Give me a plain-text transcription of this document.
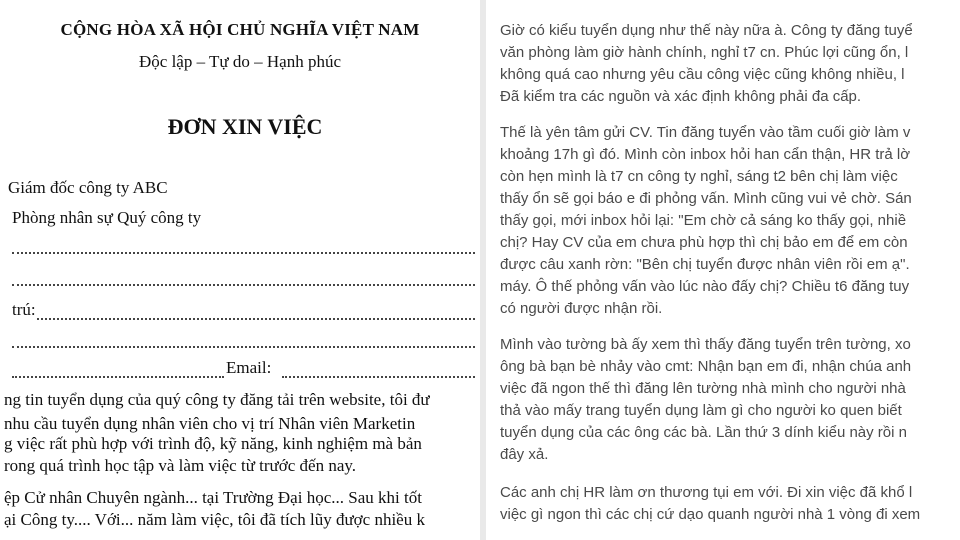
CỘNG HÒA XÃ HỘI CHỦ NGHĨA VIỆT NAM
Độc lập – Tự do – Hạnh phúc
ĐƠN XIN VIỆC
Giám đốc công ty ABC
Phòng nhân sự Quý công ty
trú:
Email:
ng tin tuyển dụng của quý công ty đăng tải trên website, tôi đư
nhu cầu tuyển dụng nhân viên cho vị trí Nhân viên Marketin
g việc rất phù hợp với trình độ, kỹ năng, kinh nghiệm mà bản
rong quá trình học tập và làm việc từ trước đến nay.
ệp Cử nhân Chuyên ngành... tại Trường Đại học... Sau khi tốt
ại Công ty.... Với... năm làm việc, tôi đã tích lũy được nhiều k
Giờ có kiểu tuyển dụng như thế này nữa à. Công ty đăng tuyể
văn phòng làm giờ hành chính, nghỉ t7 cn. Phúc lợi cũng ổn, l
không quá cao nhưng yêu cầu công việc cũng không nhiều, l
Đã kiểm tra các nguồn và xác định không phải đa cấp.
Thế là yên tâm gửi CV. Tin đăng tuyển vào tầm cuối giờ làm v
khoảng 17h gì đó. Mình còn inbox hỏi han cẩn thận, HR trả lờ
còn hẹn mình là t7 cn công ty nghỉ, sáng t2 bên chị làm việc
thấy ổn sẽ gọi báo e đi phỏng vấn. Mình cũng vui vẻ chờ. Sán
thấy gọi, mới inbox hỏi lại: "Em chờ cả sáng ko thấy gọi, nhiề
chị? Hay CV của em chưa phù hợp thì chị bảo em để em còn
được câu xanh rờn: "Bên chị tuyển được nhân viên rồi em ạ".
máy. Ô thế phỏng vấn vào lúc nào đấy chị? Chiều t6 đăng tuy
có người được nhận rồi.
Mình vào tường bà ấy xem thì thấy đăng tuyển trên tường, xo
ông bà bạn bè nhảy vào cmt: Nhận bạn em đi, nhận chúa anh
việc đã ngon thế thì đăng lên tường nhà mình cho người nhà
thả vào mấy trang tuyển dụng làm gì cho người ko quen biết
tuyển dụng của các ông các bà. Lần thứ 3 dính kiểu này rồi n
đây xả.
Các anh chị HR làm ơn thương tụi em với. Đi xin việc đã khổ l
việc gì ngon thì các chị cứ dạo quanh người nhà 1 vòng đi xem
